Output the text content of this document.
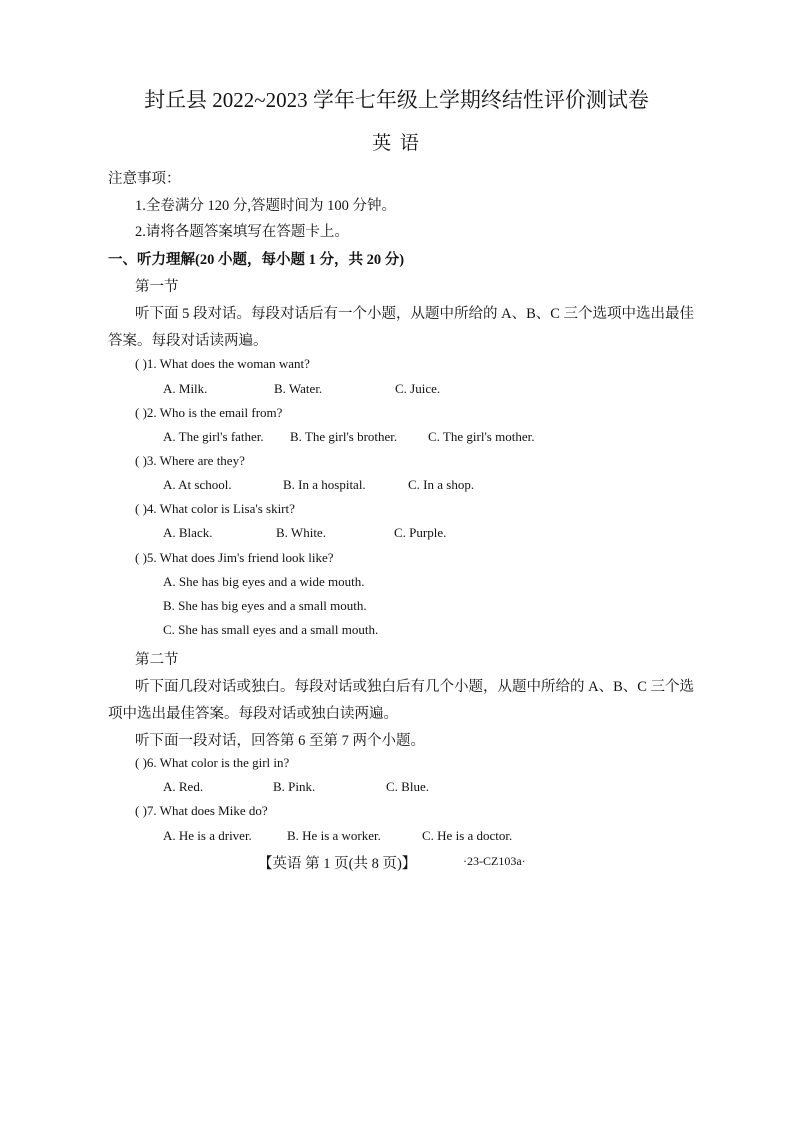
封丘县 2022~2023 学年七年级上学期终结性评价测试卷
英 语
注意事项：
1.全卷满分 120 分,答题时间为 100 分钟。
2.请将各题答案填写在答题卡上。
一、听力理解(20 小题，每小题 1 分，共 20 分)
第一节
听下面 5 段对话。每段对话后有一个小题，从题中所给的 A、B、C 三个选项中选出最佳
答案。每段对话读两遍。
( )1. What does the woman want?
A. Milk.	B. Water.	C. Juice.
( )2. Who is the email from?
A. The girl's father. B. The girl's brother. C. The girl's mother.
( )3. Where are they?
A. At school.	B. In a hospital.	C. In a shop.
( )4. What color is Lisa's skirt?
A. Black.	B. White.	C. Purple.
( )5. What does Jim's friend look like?
A. She has big eyes and a wide mouth.
B. She has big eyes and a small mouth.
C. She has small eyes and a small mouth.
第二节
听下面几段对话或独白。每段对话或独白后有几个小题，从题中所给的 A、B、C 三个选
项中选出最佳答案。每段对话或独白读两遍。
听下面一段对话，回答第 6 至第 7 两个小题。
( )6. What color is the girl in?
A. Red.	B. Pink.	C. Blue.
( )7. What does Mike do?
A. He is a driver.	B. He is a worker.	C. He is a doctor.
【英语 第 1 页(共 8 页)】	·23-CZ103a·
